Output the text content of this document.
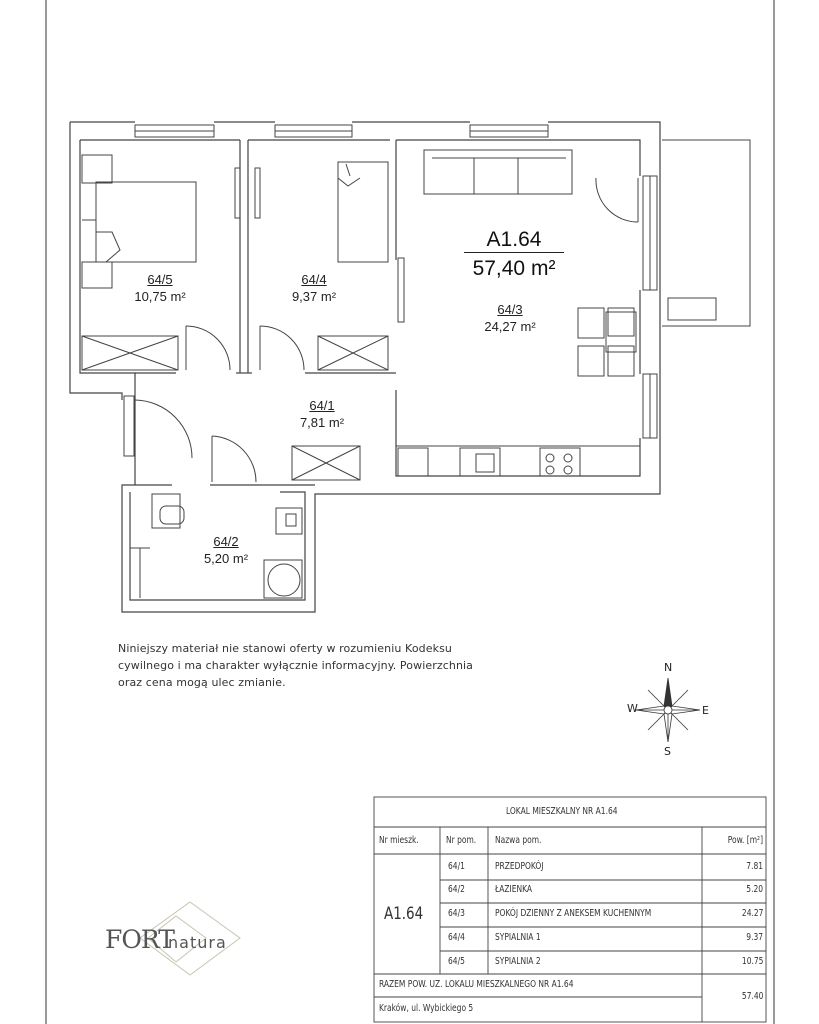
A1.64
57,40 m²
64/5
10,75 m²
64/4
9,37 m²
64/3
24,27 m²
64/1
7,81 m²
64/2
5,20 m²
Niniejszy materiał nie stanowi oferty w rozumieniu Kodeksu
cywilnego i ma charakter wyłącznie informacyjny. Powierzchnia
oraz cena mogą ulec zmianie.
N
S
E
W
FORT
natura
LOKAL MIESZKALNY NR A1.64
Nr mieszk.	Nr pom. Nazwa pom.	Pow. [m²]
A1.64
64/1	PRZEDPOKÓJ	7.81
64/2	ŁAZIENKA	5.20
64/3	POKÓJ DZIENNY Z ANEKSEM KUCHENNYM	24.27
64/4	SYPIALNIA 1	9.37
64/5	SYPIALNIA 2	10.75
RAZEM POW. UŻ. LOKALU MIESZKALNEGO NR A1.64
57.40
Kraków, ul. Wybickiego 5
